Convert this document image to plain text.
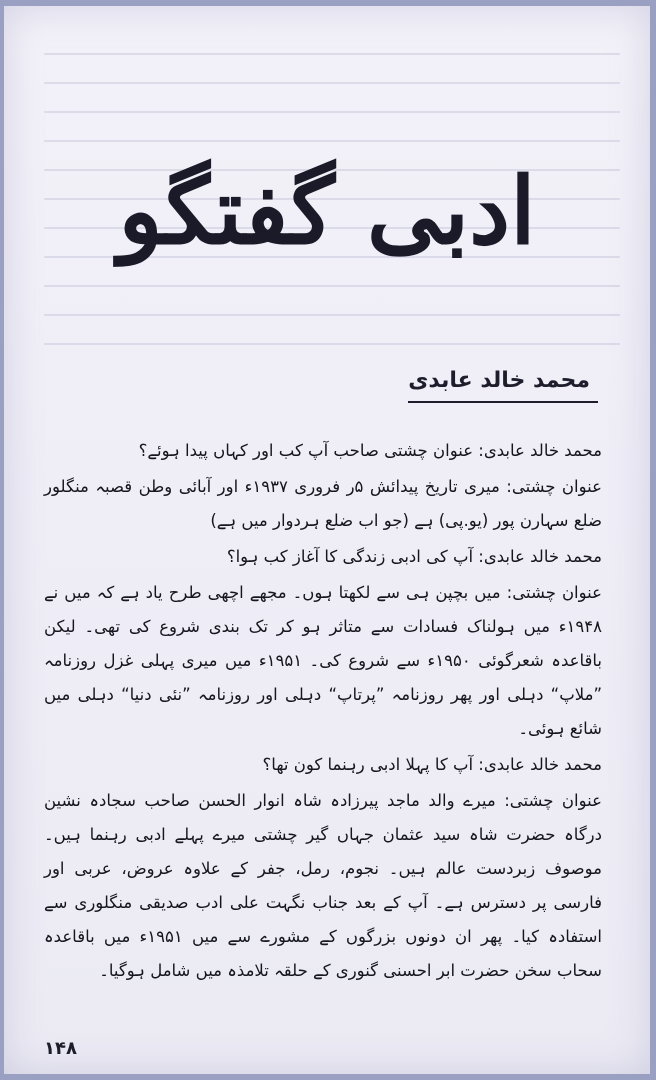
ادبی گفتگو
محمد خالد عابدی

محمد خالد عابدی: عنوان چشتی صاحب آپ کب اور کہاں پیدا ہوئے؟

عنوان چشتی: میری تاریخ پیدائش ۵ر فروری ۱۹۳۷ء اور آبائی وطن قصبہ منگلور ضلع سہارن پور (یو.پی) ہے (جو اب ضلع ہردوار میں ہے)

محمد خالد عابدی: آپ کی ادبی زندگی کا آغاز کب ہوا؟

عنوان چشتی: میں بچپن ہی سے لکھتا ہوں۔ مجھے اچھی طرح یاد ہے کہ میں نے ۱۹۴۸ء میں ہولناک فسادات سے متاثر ہو کر تک بندی شروع کی تھی۔ لیکن باقاعدہ شعرگوئی ۱۹۵۰ء سے شروع کی۔ ۱۹۵۱ء میں میری پہلی غزل روزنامہ ”ملاپ“ دہلی اور پھر روزنامہ ”پرتاپ“ دہلی اور روزنامہ ”نئی دنیا“ دہلی میں شائع ہوئی۔

محمد خالد عابدی: آپ کا پہلا ادبی رہنما کون تھا؟

عنوان چشتی: میرے والد ماجد پیرزادہ شاہ انوار الحسن صاحب سجادہ نشین درگاہ حضرت شاہ سید عثمان جہاں گیر چشتی میرے پہلے ادبی رہنما ہیں۔ موصوف زبردست عالم ہیں۔ نجوم، رمل، جفر کے علاوہ عروض، عربی اور فارسی پر دسترس ہے۔ آپ کے بعد جناب نگہت علی ادب صدیقی منگلوری سے استفادہ کیا۔ پھر ان دونوں بزرگوں کے مشورے سے میں ۱۹۵۱ء میں باقاعدہ سحاب سخن حضرت ابر احسنی گنوری کے حلقہ تلامذہ میں شامل ہوگیا۔

۱۴۸
